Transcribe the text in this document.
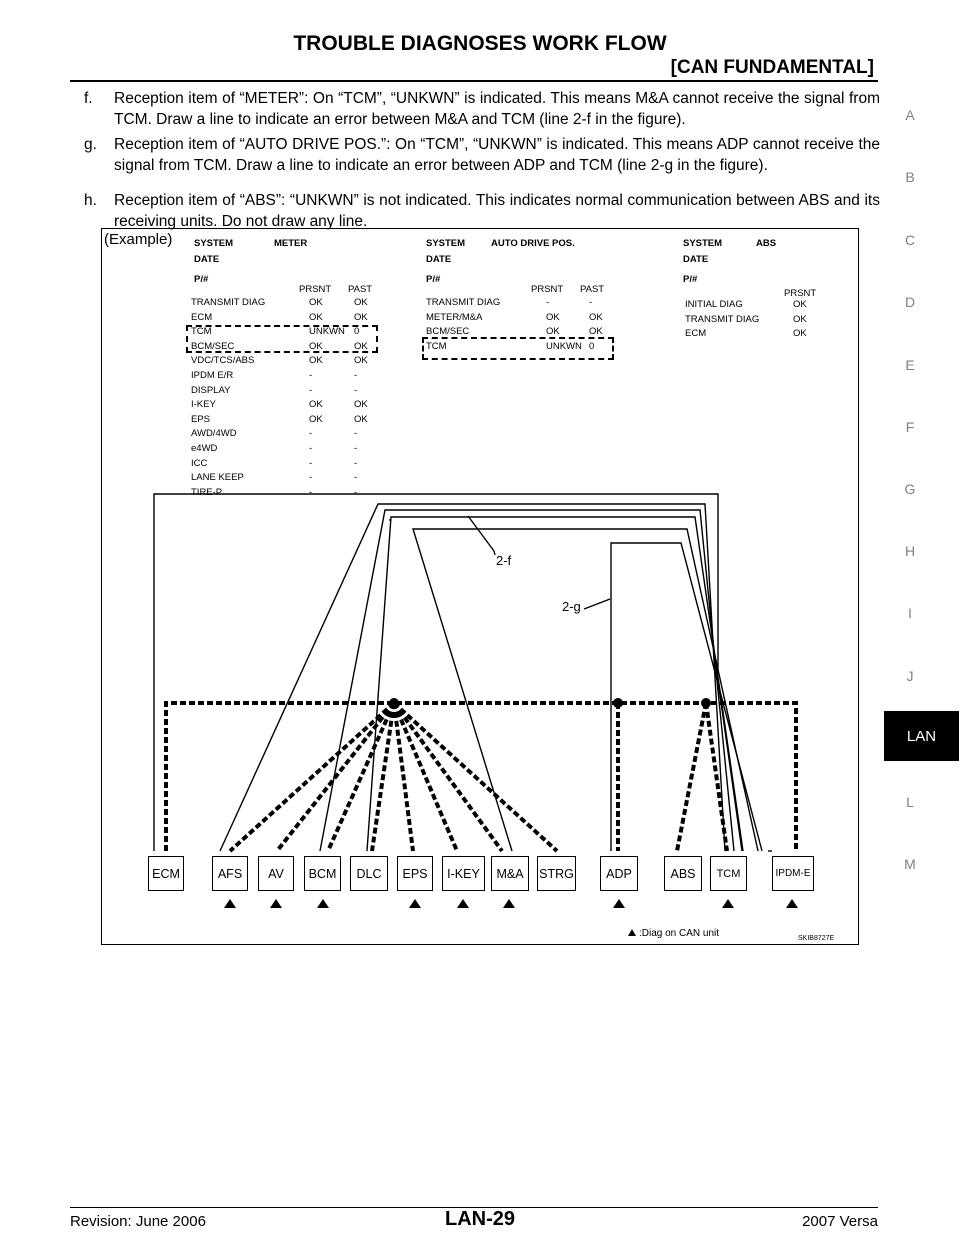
TROUBLE DIAGNOSES WORK FLOW
[CAN FUNDAMENTAL]
f. Reception item of “METER”: On “TCM”, “UNKWN” is indicated. This means M&A cannot receive the signal from TCM. Draw a line to indicate an error between M&A and TCM (line 2-f in the figure).
g. Reception item of “AUTO DRIVE POS.”: On “TCM”, “UNKWN” is indicated. This means ADP cannot receive the signal from TCM. Draw a line to indicate an error between ADP and TCM (line 2-g in the figure).
h. Reception item of “ABS”: “UNKWN” is not indicated. This indicates normal communication between ABS and its receiving units. Do not draw any line.
A
B
C
D
E
F
G
H
I
J
LAN
L
M
(Example) SYSTEM	METER
DATE
P/#
PRSNT PAST
TRANSMIT DIAG	OK	OK
ECM	OK	OK
TCM	UNKWN 0
BCM/SEC	OK	OK
VDC/TCS/ABS	OK	OK
IPDM E/R	-	-
DISPLAY	-	-
I-KEY	OK	OK
EPS	OK	OK
AWD/4WD	-	-
e4WD	-	-
ICC	-	-
LANE KEEP	-	-
TIRE-P	-	-
SYSTEM	AUTO DRIVE POS.
DATE
P/#
PRSNT PAST
TRANSMIT DIAG	-	-
METER/M&A	OK	OK
BCM/SEC	OK	OK
TCM	UNKWN 0
SYSTEM	ABS
DATE
P/#
PRSNT
INITIAL DIAG	OK
TRANSMIT DIAG	OK
ECM	OK
2-f
2-g
ECM	AFS	AV	BCM	DLC	EPS	I-KEY	M&A	STRG	ADP	ABS	TCM	IPDM-E
:Diag on CAN unit	SKIB8727E
Revision: June 2006	LAN-29	2007 Versa
